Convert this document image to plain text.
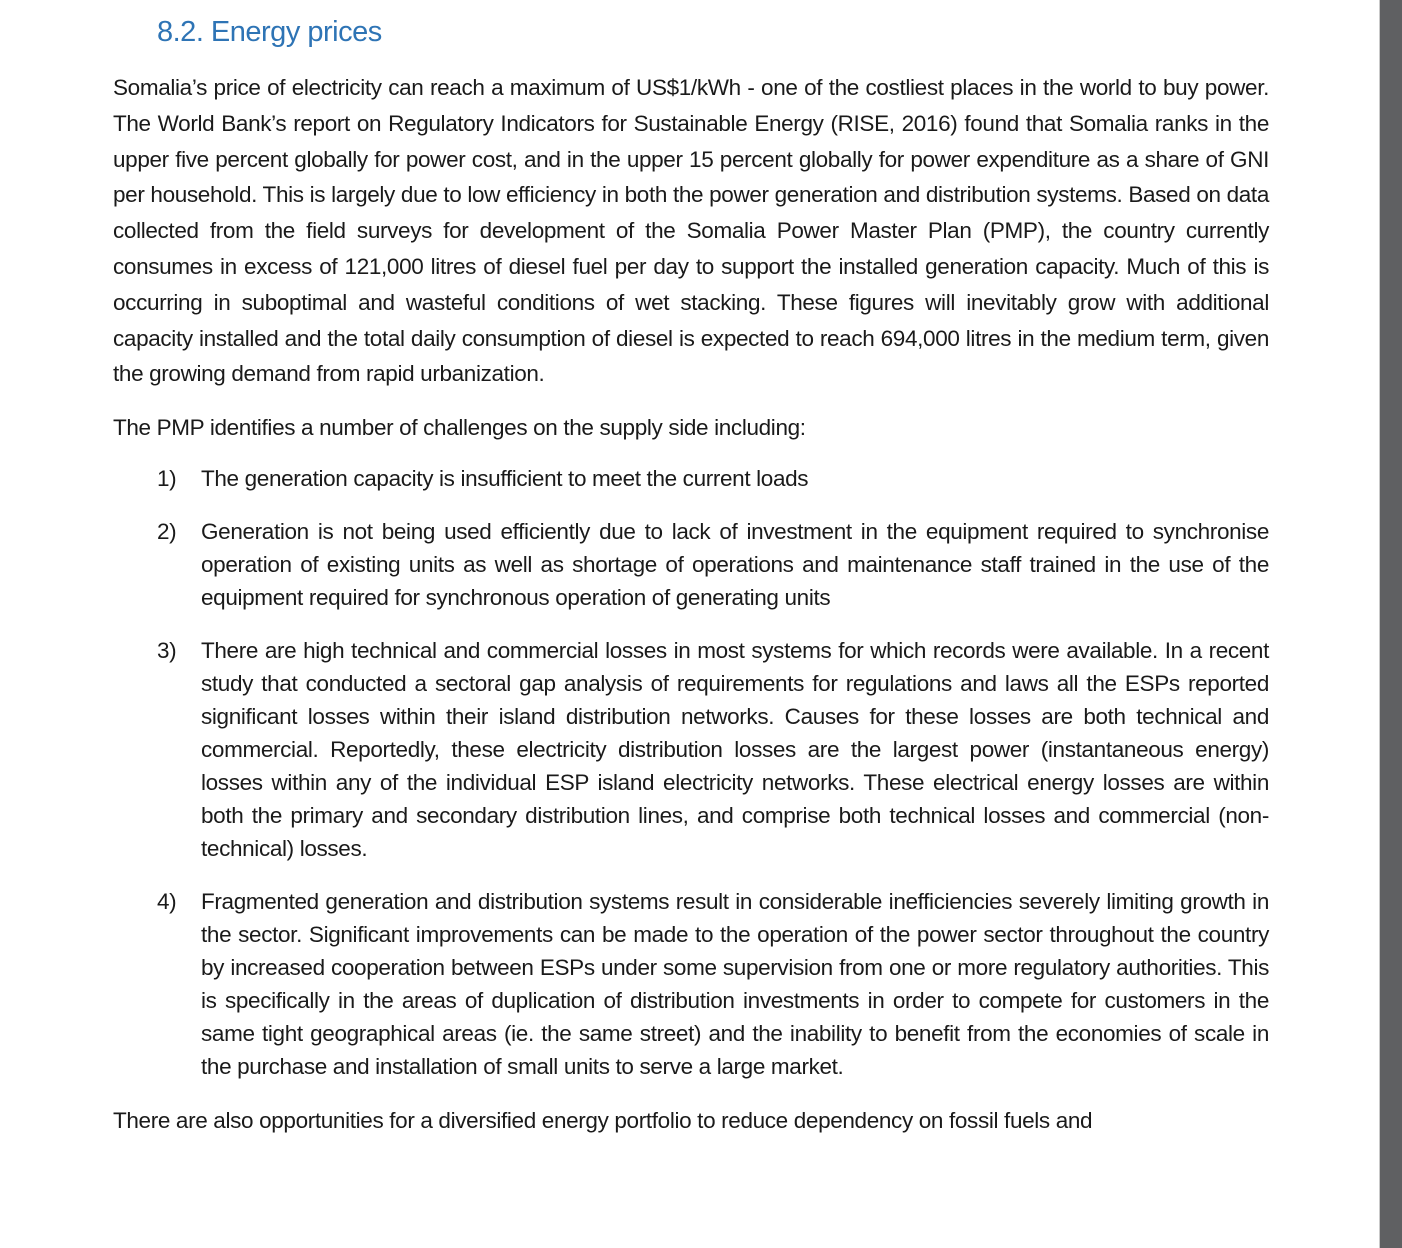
8.2. Energy prices

Somalia’s price of electricity can reach a maximum of US$1/kWh - one of the costliest places in the world to buy power. The World Bank’s report on Regulatory Indicators for Sustainable Energy (RISE, 2016) found that Somalia ranks in the upper five percent globally for power cost, and in the upper 15 percent globally for power expenditure as a share of GNI per household. This is largely due to low efficiency in both the power generation and distribution systems. Based on data collected from the field surveys for development of the Somalia Power Master Plan (PMP), the country currently consumes in excess of 121,000 litres of diesel fuel per day to support the installed generation capacity. Much of this is occurring in suboptimal and wasteful conditions of wet stacking. These figures will inevitably grow with additional capacity installed and the total daily consumption of diesel is expected to reach 694,000 litres in the medium term, given the growing demand from rapid urbanization.

The PMP identifies a number of challenges on the supply side including:

1) The generation capacity is insufficient to meet the current loads
2) Generation is not being used efficiently due to lack of investment in the equipment required to synchronise operation of existing units as well as shortage of operations and maintenance staff trained in the use of the equipment required for synchronous operation of generating units
3) There are high technical and commercial losses in most systems for which records were available. In a recent study that conducted a sectoral gap analysis of requirements for regulations and laws all the ESPs reported significant losses within their island distribution networks. Causes for these losses are both technical and commercial. Reportedly, these electricity distribution losses are the largest power (instantaneous energy) losses within any of the individual ESP island electricity networks. These electrical energy losses are within both the primary and secondary distribution lines, and comprise both technical losses and commercial (non-technical) losses.
4) Fragmented generation and distribution systems result in considerable inefficiencies severely limiting growth in the sector. Significant improvements can be made to the operation of the power sector throughout the country by increased cooperation between ESPs under some supervision from one or more regulatory authorities. This is specifically in the areas of duplication of distribution investments in order to compete for customers in the same tight geographical areas (ie. the same street) and the inability to benefit from the economies of scale in the purchase and installation of small units to serve a large market.

There are also opportunities for a diversified energy portfolio to reduce dependency on fossil fuels and
